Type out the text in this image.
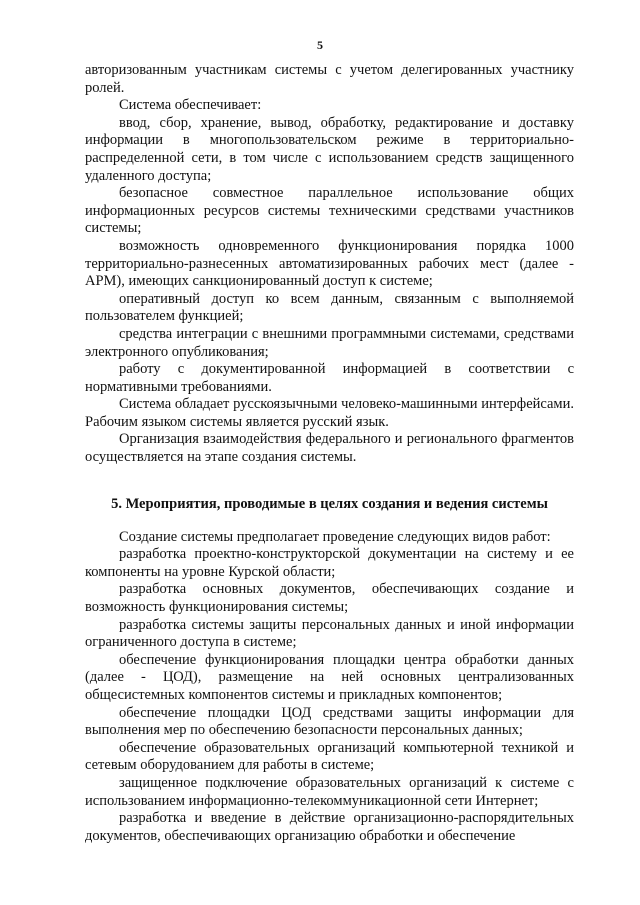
5

авторизованным участникам системы с учетом делегированных участнику ролей.

Система обеспечивает:

ввод, сбор, хранение, вывод, обработку, редактирование и доставку информации в многопользовательском режиме в территориально-распределенной сети, в том числе с использованием средств защищенного удаленного доступа;

безопасное совместное параллельное использование общих информационных ресурсов системы техническими средствами участников системы;

возможность одновременного функционирования порядка 1000 территориально-разнесенных автоматизированных рабочих мест (далее - АРМ), имеющих санкционированный доступ к системе;

оперативный доступ ко всем данным, связанным с выполняемой пользователем функцией;

средства интеграции с внешними программными системами, средствами электронного опубликования;

работу с документированной информацией в соответствии с нормативными требованиями.

Система обладает русскоязычными человеко-машинными интерфейсами. Рабочим языком системы является русский язык.

Организация взаимодействия федерального и регионального фрагментов осуществляется на этапе создания системы.

5. Мероприятия, проводимые в целях создания и ведения системы

Создание системы предполагает проведение следующих видов работ:

разработка проектно-конструкторской документации на систему и ее компоненты на уровне Курской области;

разработка основных документов, обеспечивающих создание и возможность функционирования системы;

разработка системы защиты персональных данных и иной информации ограниченного доступа в системе;

обеспечение функционирования площадки центра обработки данных (далее - ЦОД), размещение на ней основных централизованных общесистемных компонентов системы и прикладных компонентов;

обеспечение площадки ЦОД средствами защиты информации для выполнения мер по обеспечению безопасности персональных данных;

обеспечение образовательных организаций компьютерной техникой и сетевым оборудованием для работы в системе;

защищенное подключение образовательных организаций к системе с использованием информационно-телекоммуникационной сети Интернет;

разработка и введение в действие организационно-распорядительных документов, обеспечивающих организацию обработки и обеспечение
